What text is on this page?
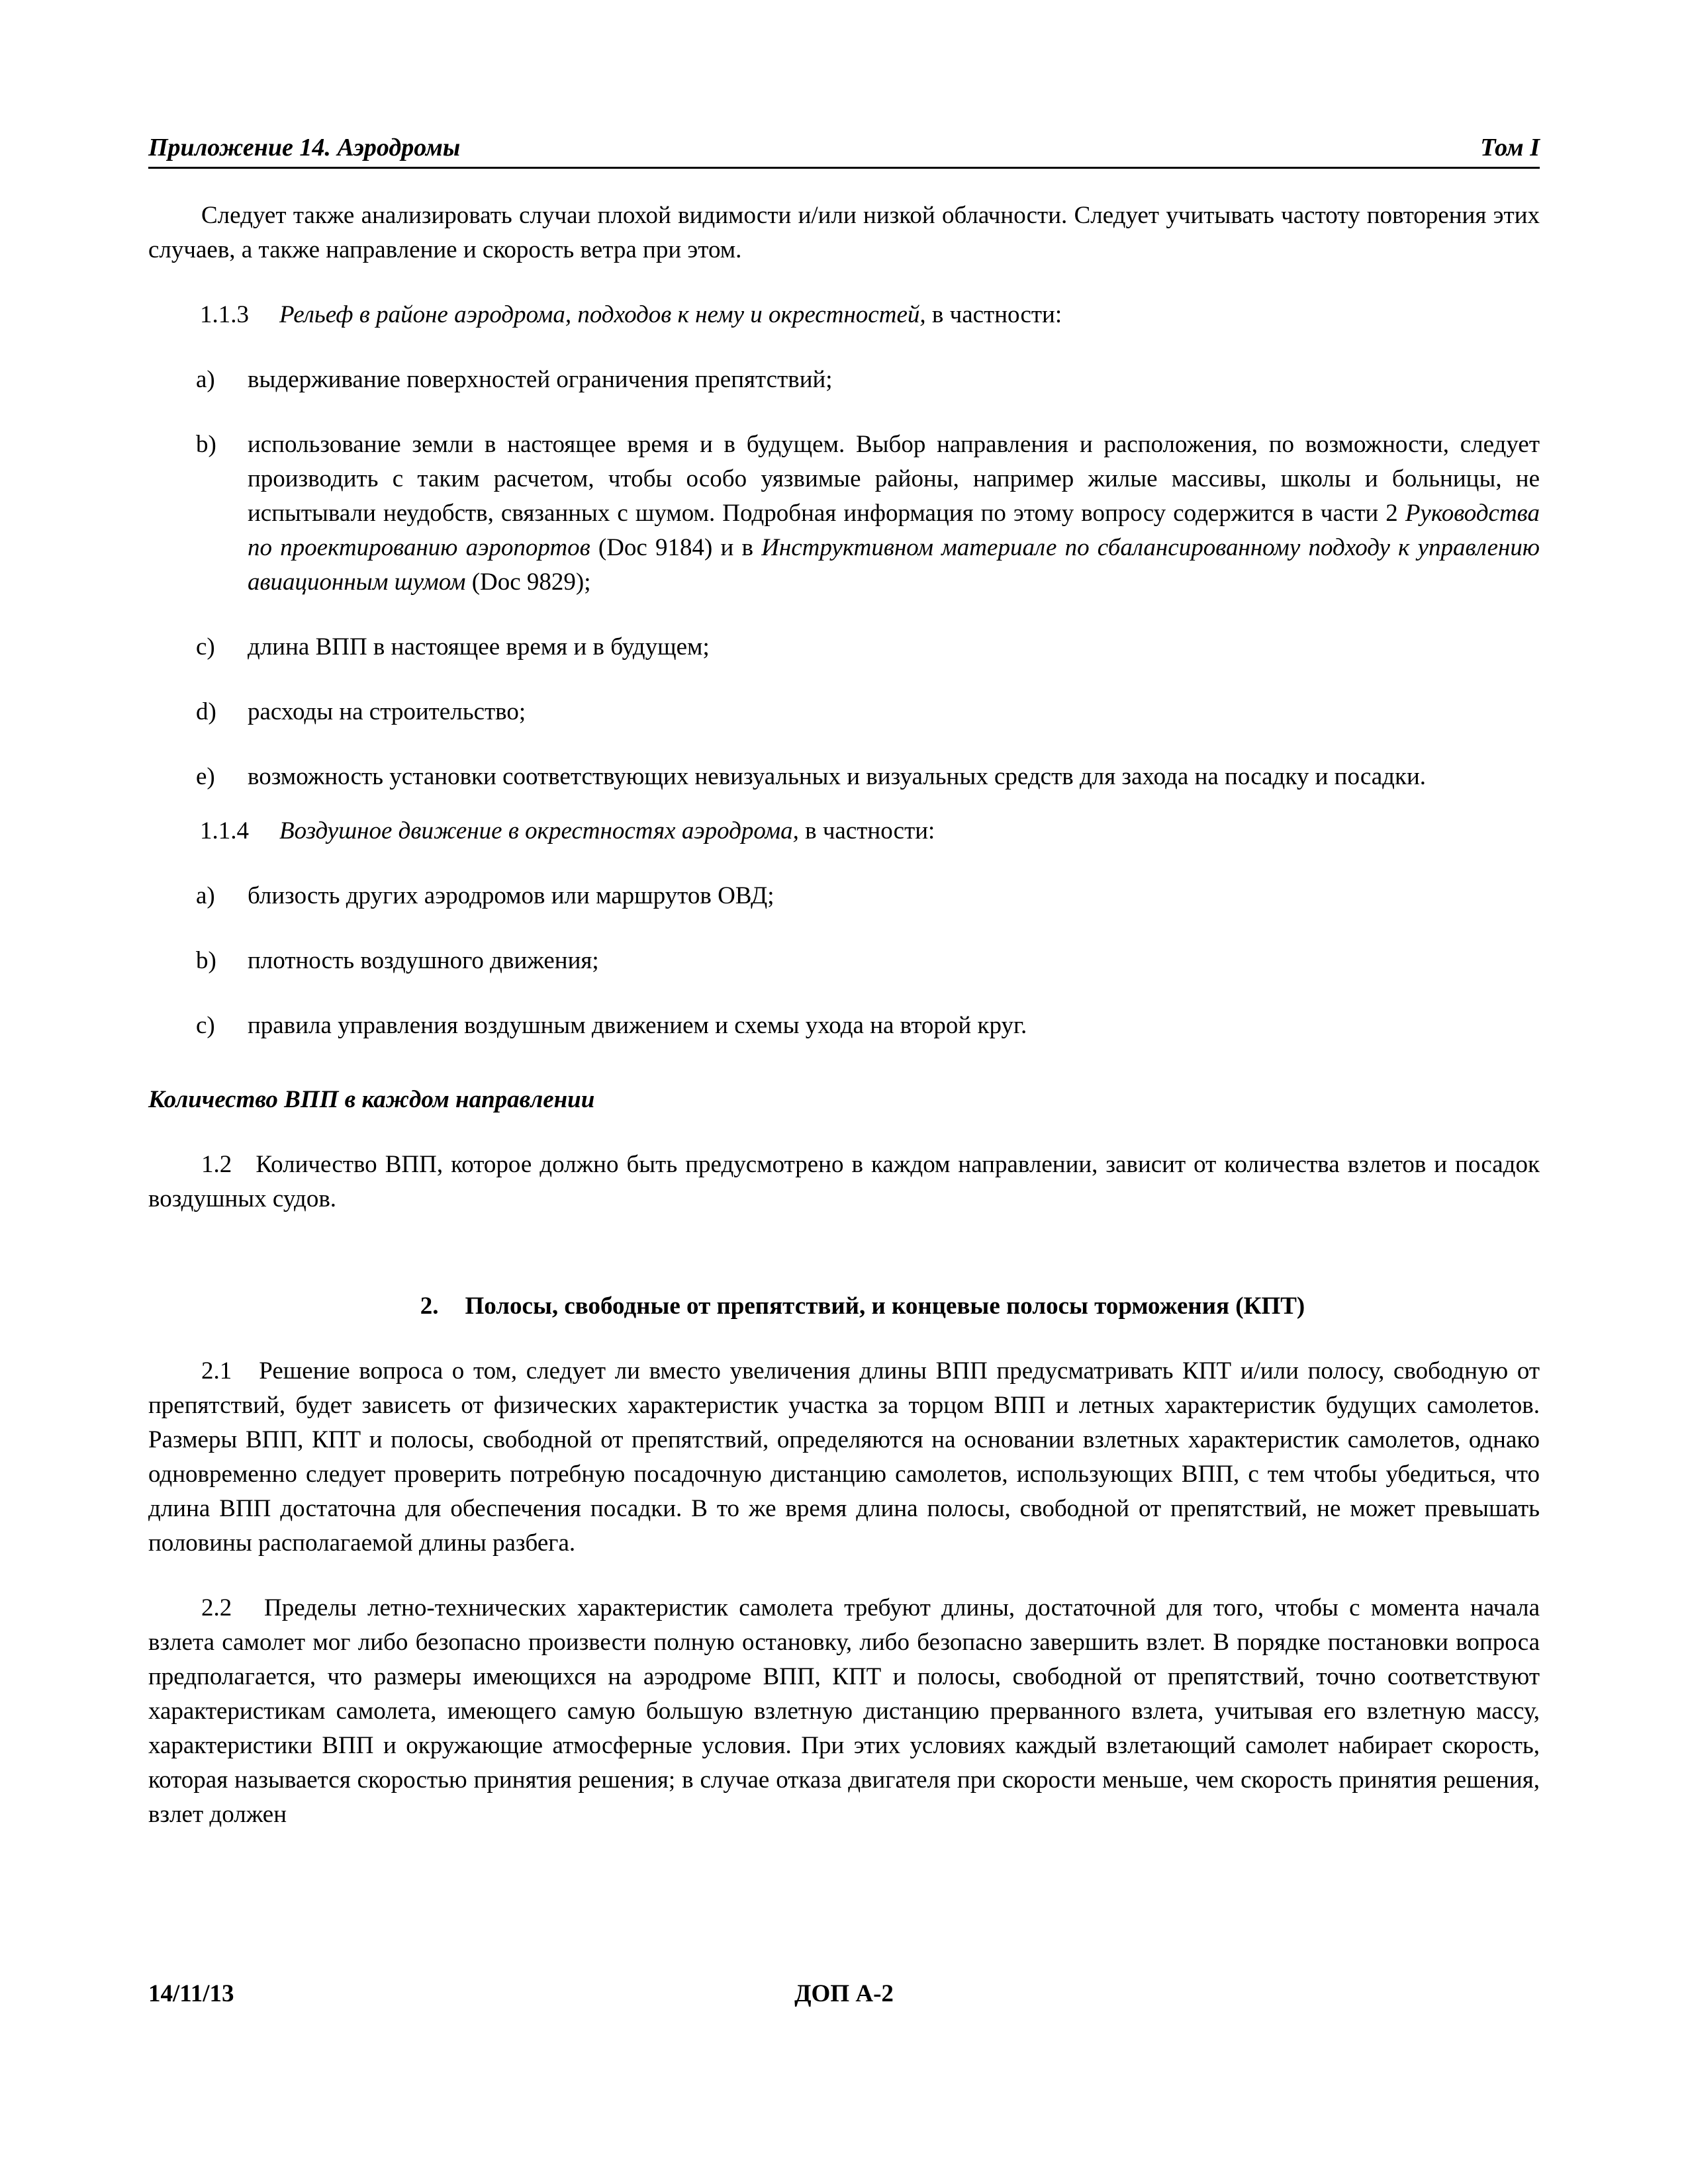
Приложение 14. Аэродромы	Том I

Следует также анализировать случаи плохой видимости и/или низкой облачности. Следует учитывать частоту повторения этих случаев, а также направление и скорость ветра при этом.

1.1.3 Рельеф в районе аэродрома, подходов к нему и окрестностей, в частности:

a)	выдерживание поверхностей ограничения препятствий;
b)	использование земли в настоящее время и в будущем. Выбор направления и расположения, по возможности, следует производить с таким расчетом, чтобы особо уязвимые районы, например жилые массивы, школы и больницы, не испытывали неудобств, связанных с шумом. Подробная информация по этому вопросу содержится в части 2 Руководства по проектированию аэропортов (Doc 9184) и в Инструктивном материале по сбалансированному подходу к управлению авиационным шумом (Doc 9829);
c)	длина ВПП в настоящее время и в будущем;
d)	расходы на строительство;
e)	возможность установки соответствующих невизуальных и визуальных средств для захода на посадку и посадки.

1.1.4 Воздушное движение в окрестностях аэродрома, в частности:

a)	близость других аэродромов или маршрутов ОВД;
b)	плотность воздушного движения;
c)	правила управления воздушным движением и схемы ухода на второй круг.

Количество ВПП в каждом направлении

1.2 Количество ВПП, которое должно быть предусмотрено в каждом направлении, зависит от количества взлетов и посадок воздушных судов.

2. Полосы, свободные от препятствий, и концевые полосы торможения (КПТ)

2.1 Решение вопроса о том, следует ли вместо увеличения длины ВПП предусматривать КПТ и/или полосу, свободную от препятствий, будет зависеть от физических характеристик участка за торцом ВПП и летных характеристик будущих самолетов. Размеры ВПП, КПТ и полосы, свободной от препятствий, определяются на основании взлетных характеристик самолетов, однако одновременно следует проверить потребную посадочную дистанцию самолетов, использующих ВПП, с тем чтобы убедиться, что длина ВПП достаточна для обеспечения посадки. В то же время длина полосы, свободной от препятствий, не может превышать половины располагаемой длины разбега.

2.2 Пределы летно-технических характеристик самолета требуют длины, достаточной для того, чтобы с момента начала взлета самолет мог либо безопасно произвести полную остановку, либо безопасно завершить взлет. В порядке постановки вопроса предполагается, что размеры имеющихся на аэродроме ВПП, КПТ и полосы, свободной от препятствий, точно соответствуют характеристикам самолета, имеющего самую большую взлетную дистанцию прерванного взлета, учитывая его взлетную массу, характеристики ВПП и окружающие атмосферные условия. При этих условиях каждый взлетающий самолет набирает скорость, которая называется скоростью принятия решения; в случае отказа двигателя при скорости меньше, чем скорость принятия решения, взлет должен

14/11/13	ДОП A-2
